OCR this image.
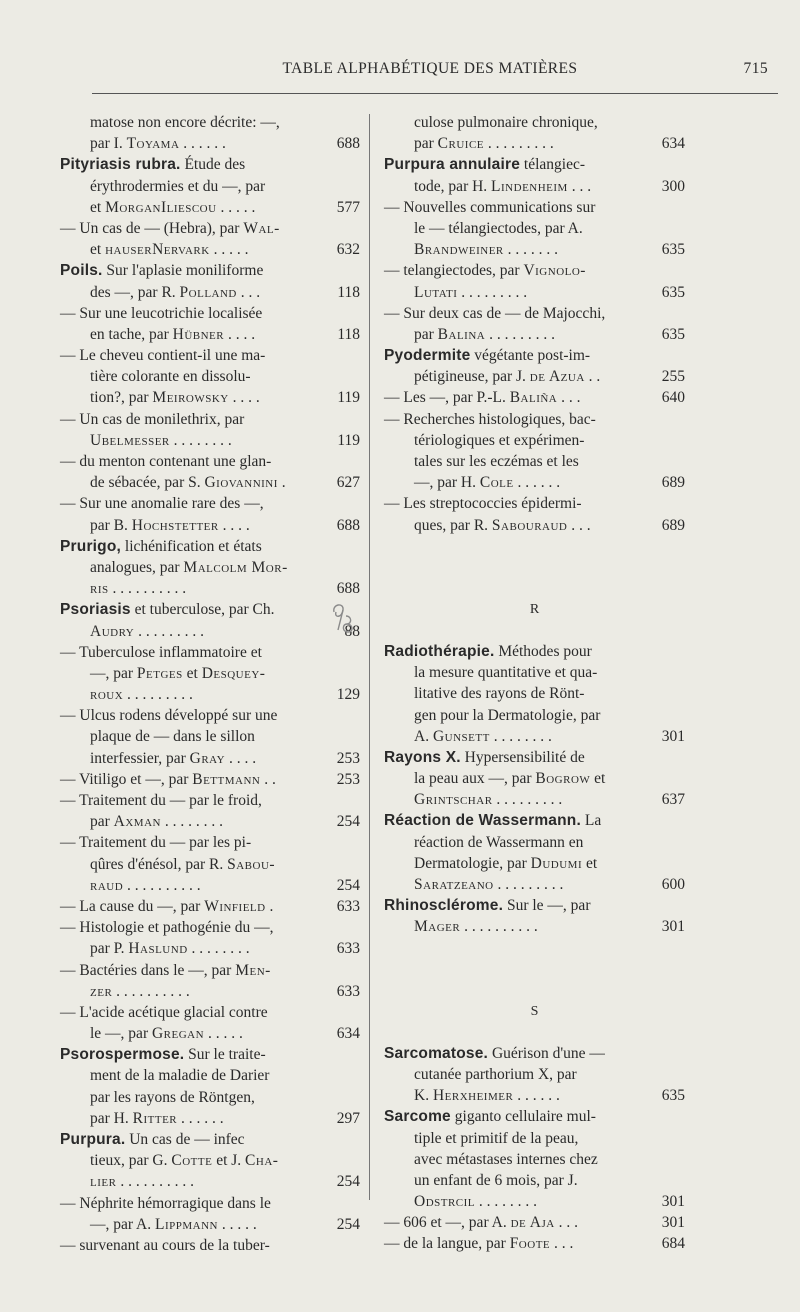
TABLE ALPHABÉTIQUE DES MATIÈRES	715
matose non encore décrite: —,
par I. Toyama . . . . . .	688
Pityriasis rubra. Étude des
érythrodermies et du —, par
et MorganIliescou . . . . .	577
— Un cas de — (Hebra), par Wal-
et hauserNervark . . . . .	632
Poils. Sur l'aplasie moniliforme
des —, par R. Polland . . .	118
— Sur une leucotrichie localisée
en tache, par Hübner . . . .	118
— Le cheveu contient-il une ma-
tière colorante en dissolu-
tion?, par Meirowsky . . . .	119
— Un cas de monilethrix, par
Ubelmesser . . . . . . . .	119
— du menton contenant une glan-
de sébacée, par S. Giovannini .	627
— Sur une anomalie rare des —,
par B. Hochstetter . . . .	688
Prurigo, lichénification et états
analogues, par Malcolm Mor-
ris . . . . . . . . . .	688
Psoriasis et tuberculose, par Ch.
Audry . . . . . . . . .	88
— Tuberculose inflammatoire et
—, par Petges et Desquey-
roux . . . . . . . . .	129
— Ulcus rodens développé sur une
plaque de — dans le sillon
interfessier, par Gray . . . .	253
— Vitiligo et —, par Bettmann . .	253
— Traitement du — par le froid,
par Axman . . . . . . . .	254
— Traitement du — par les pi-
qûres d'énésol, par R. Sabou-
raud . . . . . . . . . .	254
— La cause du —, par Winfield .	633
— Histologie et pathogénie du —,
par P. Haslund . . . . . . . .	633
— Bactéries dans le —, par Men-
zer . . . . . . . . . .	633
— L'acide acétique glacial contre
le —, par Gregan . . . . .	634
Psorospermose. Sur le traite-
ment de la maladie de Darier
par les rayons de Röntgen,
par H. Ritter . . . . . .	297
Purpura. Un cas de — infec
tieux, par G. Cotte et J. Cha-
lier . . . . . . . . . .	254
— Néphrite hémorragique dans le
—, par A. Lippmann . . . . .	254
— survenant au cours de la tuber-
culose pulmonaire chronique,
par Cruice . . . . . . . . .	634
Purpura annulaire télangiec-
tode, par H. Lindenheim . . .	300
— Nouvelles communications sur
le — télangiectodes, par A.
Brandweiner . . . . . . .	635
— telangiectodes, par Vignolo-
Lutati . . . . . . . . .	635
— Sur deux cas de — de Majocchi,
par Balina . . . . . . . . .	635
Pyodermite végétante post-im-
pétigineuse, par J. de Azua . .	255
— Les —, par P.-L. Baliña . . .	640
— Recherches histologiques, bac-
tériologiques et expérimen-
tales sur les eczémas et les
—, par H. Cole . . . . . .	689
— Les streptococcies épidermi-
ques, par R. Sabouraud . . .	689
R
Radiothérapie. Méthodes pour
la mesure quantitative et qua-
litative des rayons de Rönt-
gen pour la Dermatologie, par
A. Gunsett . . . . . . . .	301
Rayons X. Hypersensibilité de
la peau aux —, par Bogrow et
Grintschar . . . . . . . . .	637
Réaction de Wassermann. La
réaction de Wassermann en
Dermatologie, par Dudumi et
Saratzeano . . . . . . . . .	600
Rhinosclérome. Sur le —, par
Mager . . . . . . . . . .	301
S
Sarcomatose. Guérison d'une —
cutanée parthorium X, par
K. Herxheimer . . . . . .	635
Sarcome giganto cellulaire mul-
tiple et primitif de la peau,
avec métastases internes chez
un enfant de 6 mois, par J.
Odstrcil . . . . . . . .	301
— 606 et —, par A. de Aja . . .	301
— de la langue, par Foote . . .	684
